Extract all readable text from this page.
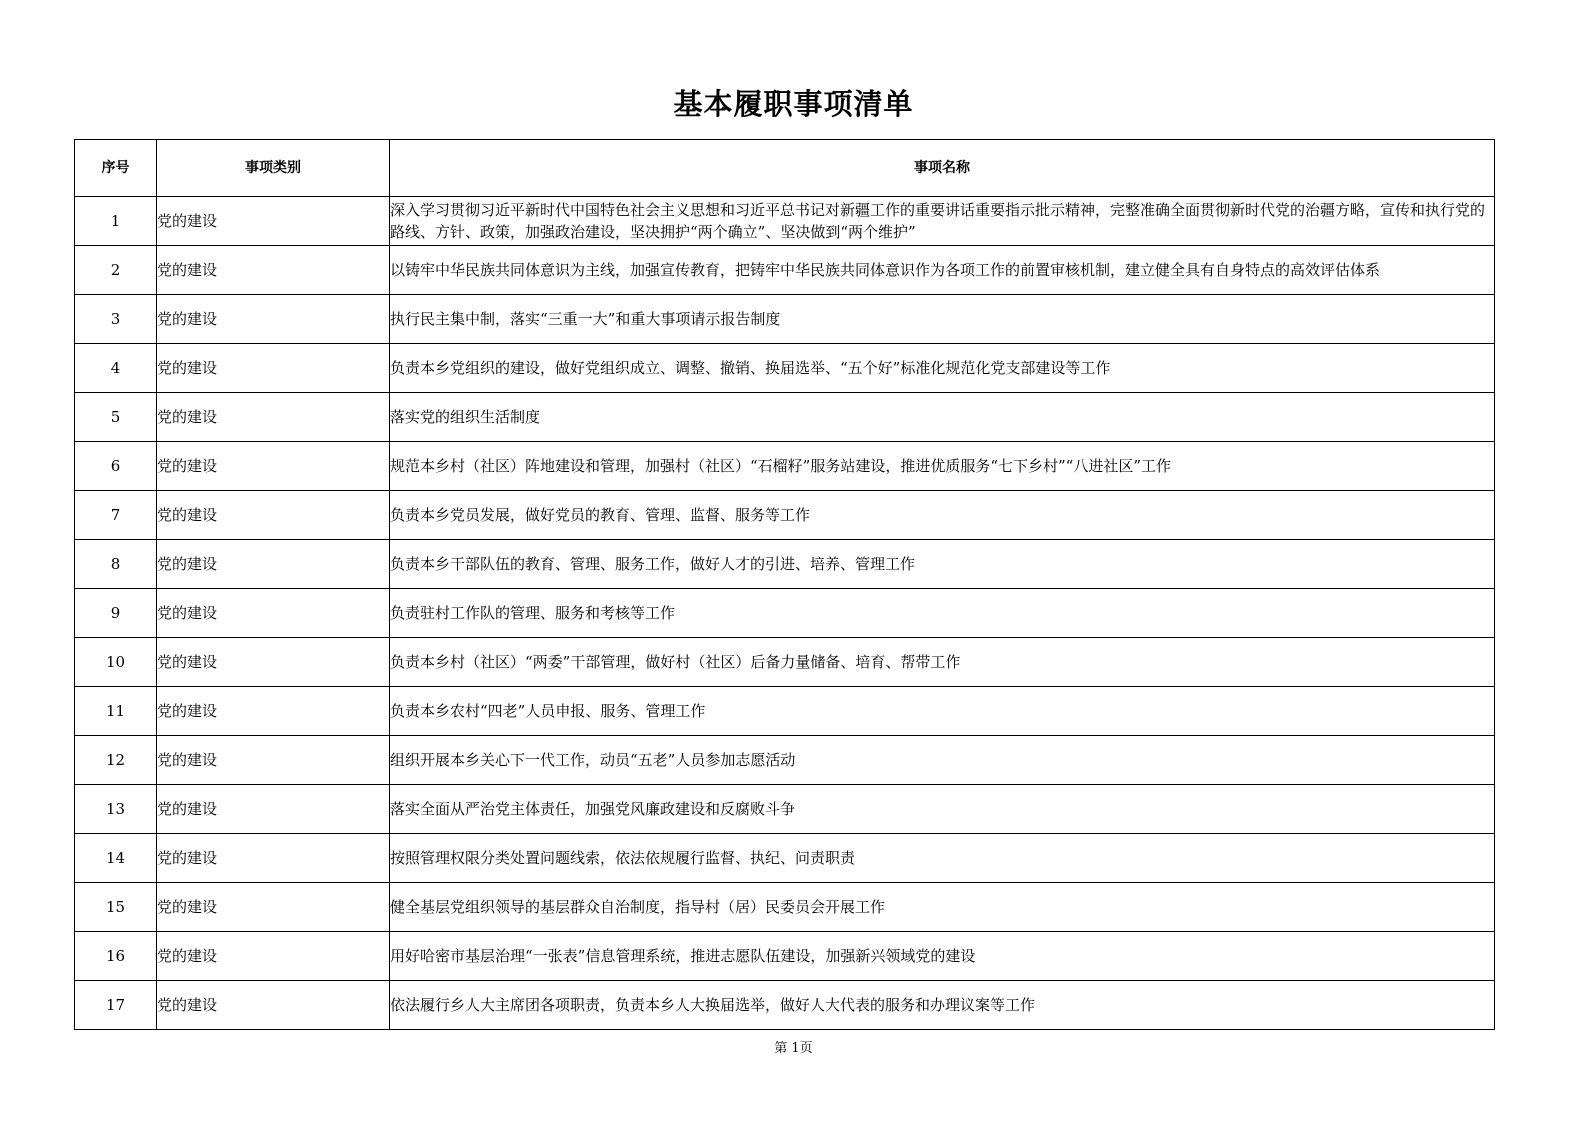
基本履职事项清单
序号	事项类别	事项名称
1	党的建设	深入学习贯彻习近平新时代中国特色社会主义思想和习近平总书记对新疆工作的重要讲话重要指示批示精神，完整准确全面贯彻新时代党的治疆方略，宣传和执行党的路线、方针、政策，加强政治建设，坚决拥护“两个确立”、坚决做到“两个维护”
2	党的建设	以铸牢中华民族共同体意识为主线，加强宣传教育，把铸牢中华民族共同体意识作为各项工作的前置审核机制，建立健全具有自身特点的高效评估体系
3	党的建设	执行民主集中制，落实“三重一大”和重大事项请示报告制度
4	党的建设	负责本乡党组织的建设，做好党组织成立、调整、撤销、换届选举、“五个好”标准化规范化党支部建设等工作
5	党的建设	落实党的组织生活制度
6	党的建设	规范本乡村（社区）阵地建设和管理，加强村（社区）“石榴籽”服务站建设，推进优质服务“七下乡村”“八进社区”工作
7	党的建设	负责本乡党员发展，做好党员的教育、管理、监督、服务等工作
8	党的建设	负责本乡干部队伍的教育、管理、服务工作，做好人才的引进、培养、管理工作
9	党的建设	负责驻村工作队的管理、服务和考核等工作
10	党的建设	负责本乡村（社区）“两委”干部管理，做好村（社区）后备力量储备、培育、帮带工作
11	党的建设	负责本乡农村“四老”人员申报、服务、管理工作
12	党的建设	组织开展本乡关心下一代工作，动员“五老”人员参加志愿活动
13	党的建设	落实全面从严治党主体责任，加强党风廉政建设和反腐败斗争
14	党的建设	按照管理权限分类处置问题线索，依法依规履行监督、执纪、问责职责
15	党的建设	健全基层党组织领导的基层群众自治制度，指导村（居）民委员会开展工作
16	党的建设	用好哈密市基层治理“一张表”信息管理系统，推进志愿队伍建设，加强新兴领域党的建设
17	党的建设	依法履行乡人大主席团各项职责，负责本乡人大换届选举，做好人大代表的服务和办理议案等工作
第 1页
